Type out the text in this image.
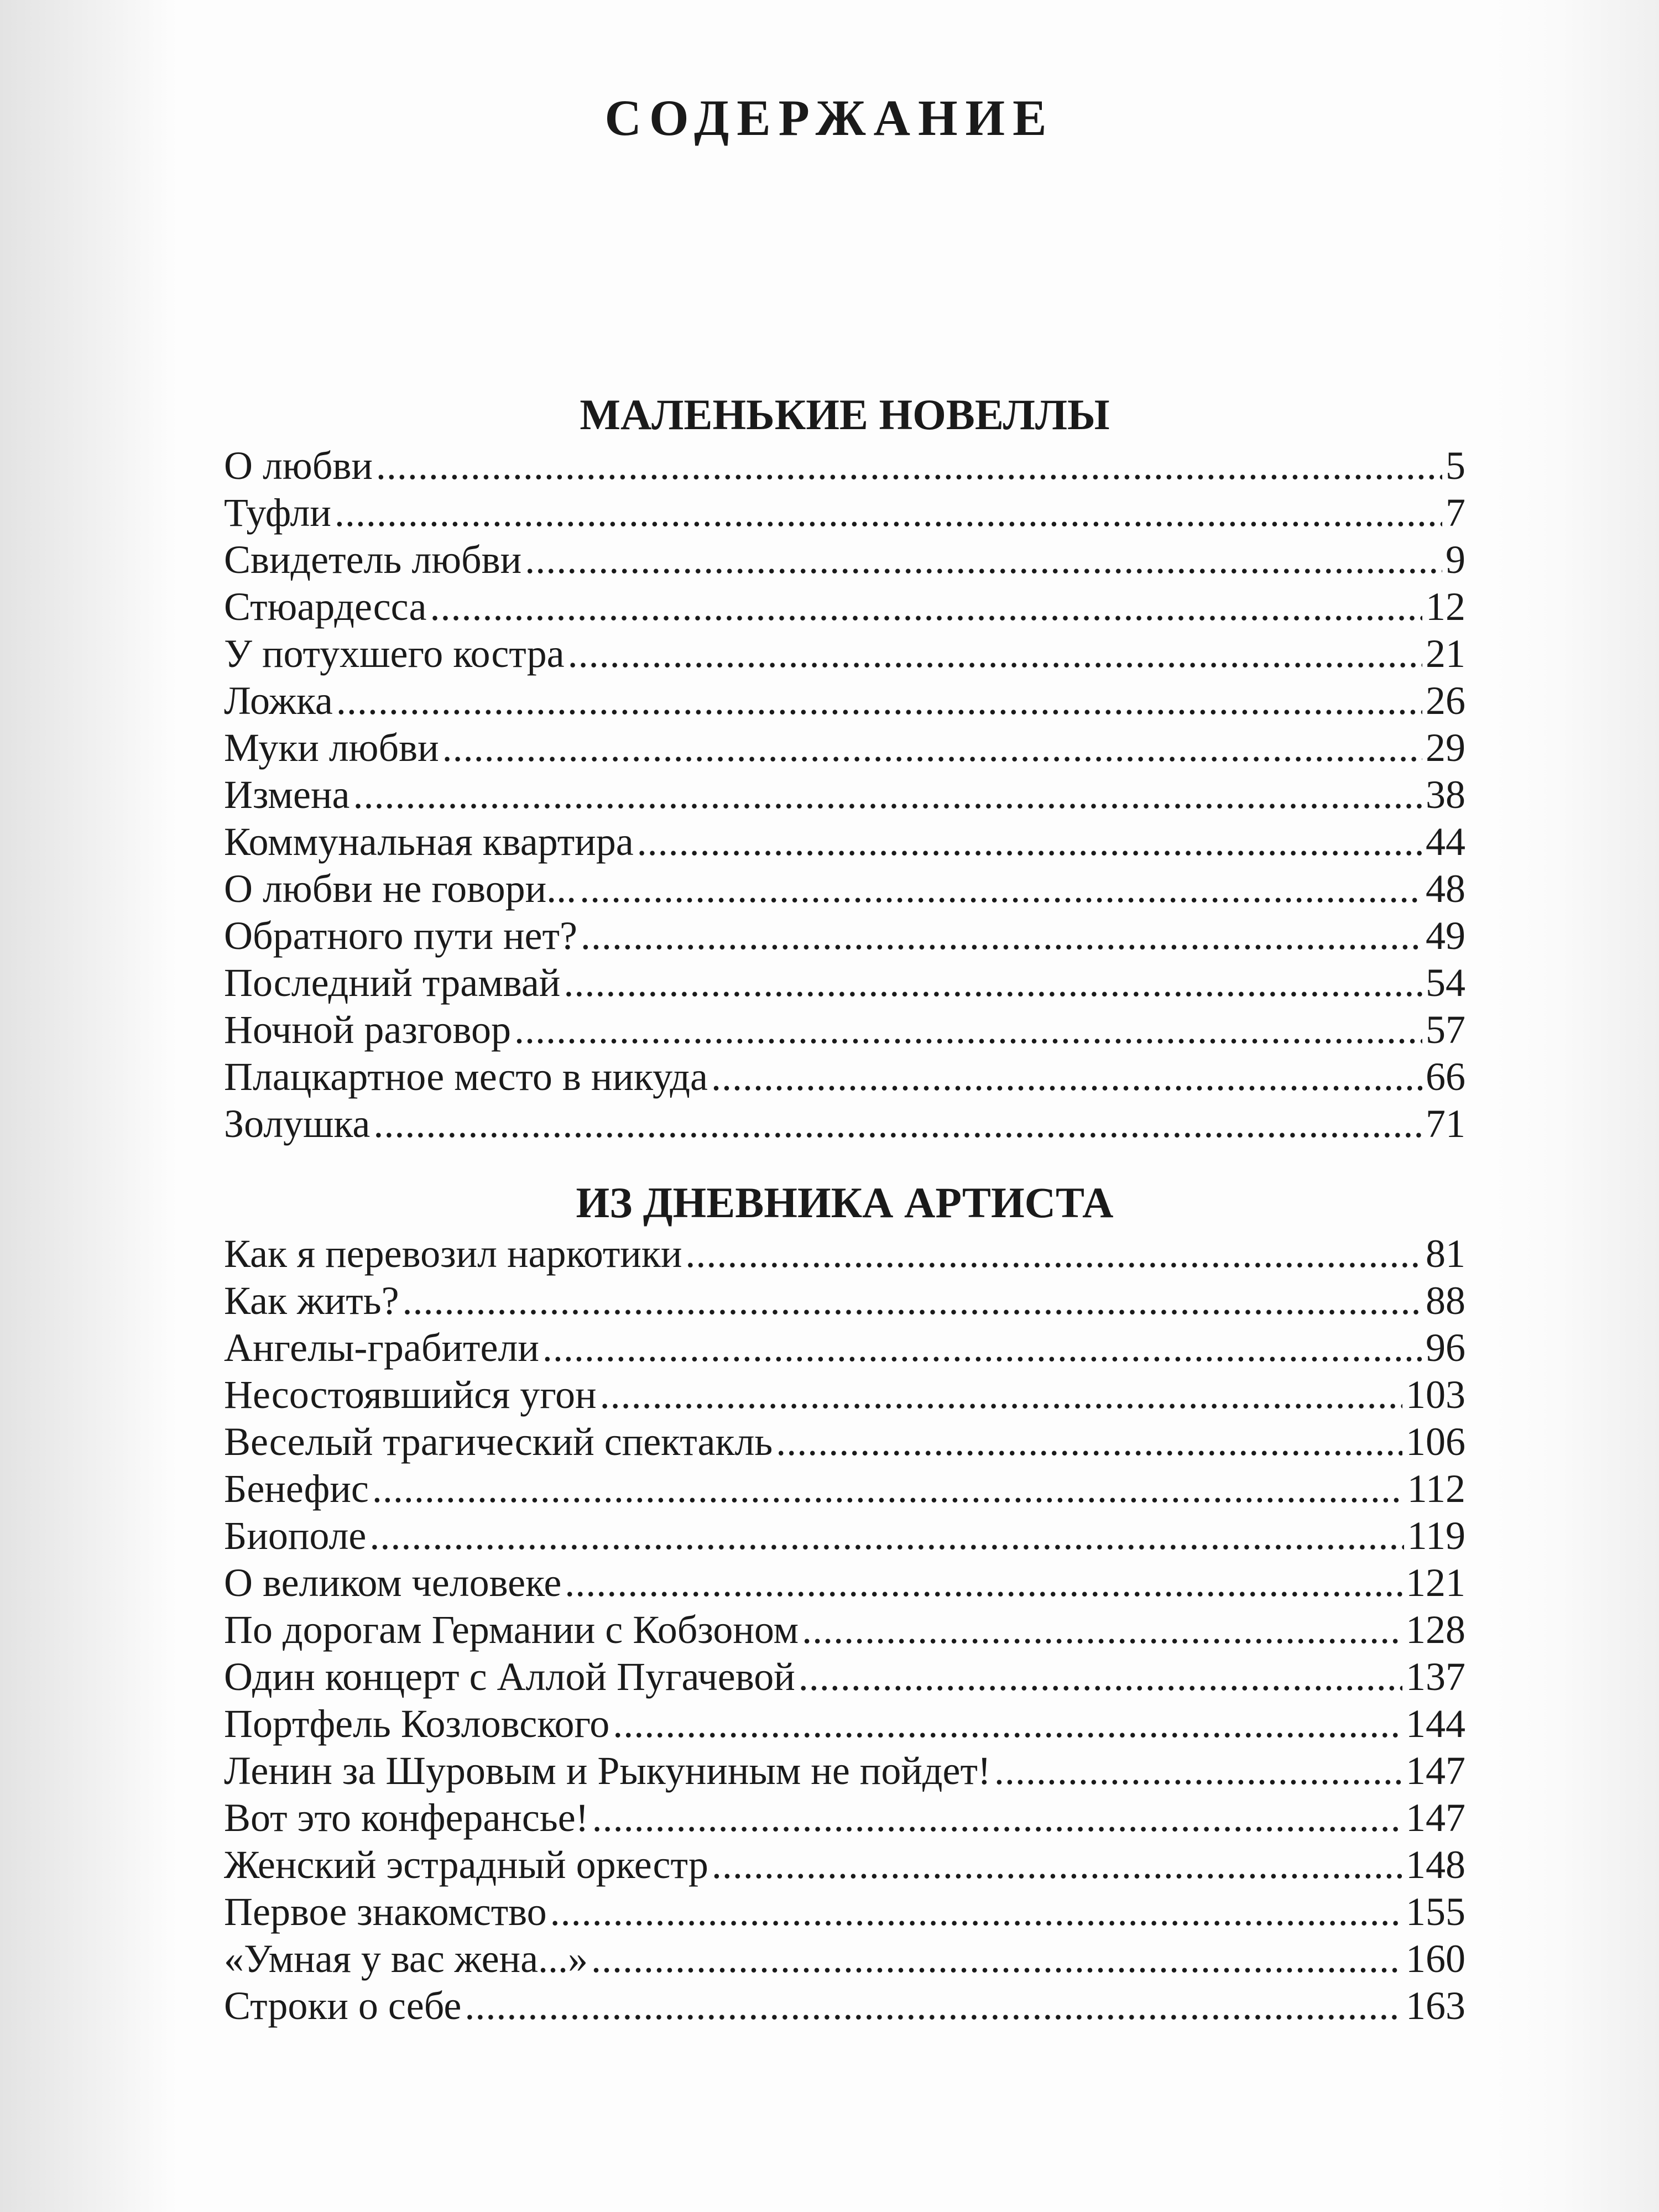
СОДЕРЖАНИЕ
МАЛЕНЬКИЕ НОВЕЛЛЫ
О любви .....	5
Туфли .....	7
Свидетель любви .....	9
Стюардесса .....	12
У потухшего костра .....	21
Ложка .....	26
Муки любви .....	29
Измена .....	38
Коммунальная квартира .....	44
О любви не говори... .....	48
Обратного пути нет? .....	49
Последний трамвай .....	54
Ночной разговор .....	57
Плацкартное место в никуда .....	66
Золушка .....	71
ИЗ ДНЕВНИКА АРТИСТА
Как я перевозил наркотики .....	81
Как жить? .....	88
Ангелы-грабители .....	96
Несостоявшийся угон .....	103
Веселый трагический спектакль .....	106
Бенефис .....	112
Биополе .....	119
О великом человеке .....	121
По дорогам Германии с Кобзоном .....	128
Один концерт с Аллой Пугачевой .....	137
Портфель Козловского .....	144
Ленин за Шуровым и Рыкуниным не пойдет! .....	147
Вот это конферансье! .....	147
Женский эстрадный оркестр .....	148
Первое знакомство .....	155
«Умная у вас жена...» .....	160
Строки о себе .....	163
